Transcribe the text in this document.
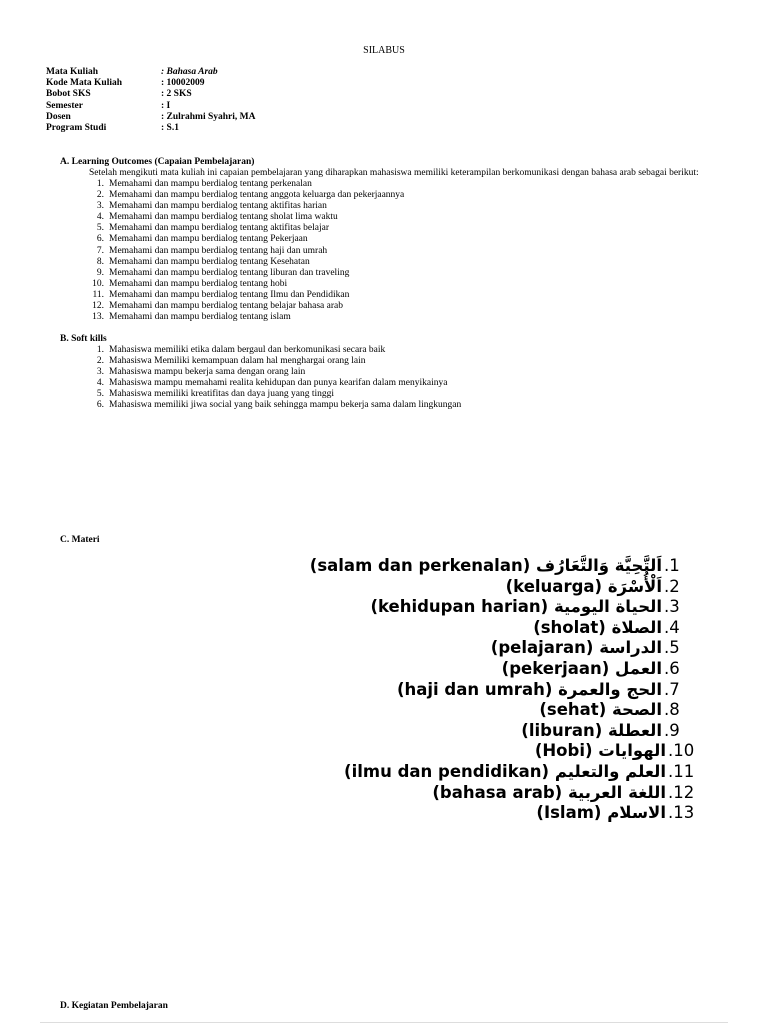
SILABUS
Mata Kuliah	: Bahasa Arab
Kode Mata Kuliah	: 10002009
Bobot SKS	: 2 SKS
Semester	: I
Dosen	: Zulrahmi Syahri, MA
Program Studi	: S.1
A. Learning Outcomes (Capaian Pembelajaran)
Setelah mengikuti mata kuliah ini capaian pembelajaran yang diharapkan mahasiswa memiliki keterampilan berkomunikasi dengan bahasa arab sebagai berikut:
1. Memahami dan mampu berdialog tentang perkenalan
2. Memahami dan mampu berdialog tentang anggota keluarga dan pekerjaannya
3. Memahami dan mampu berdialog tentang aktifitas harian
4. Memahami dan mampu berdialog tentang sholat lima waktu
5. Memahami dan mampu berdialog tentang aktifitas belajar
6. Memahami dan mampu berdialog tentang Pekerjaan
7. Memahami dan mampu berdialog tentang haji dan umrah
8. Memahami dan mampu berdialog tentang Kesehatan
9. Memahami dan mampu berdialog tentang liburan dan traveling
10. Memahami dan mampu berdialog tentang hobi
11. Memahami dan mampu berdialog tentang Ilmu dan Pendidikan
12. Memahami dan mampu berdialog tentang belajar bahasa arab
13. Memahami dan mampu berdialog tentang islam
B. Soft kills
1. Mahasiswa memiliki etika dalam bergaul dan berkomunikasi secara baik
2. Mahasiswa Memiliki kemampuan dalam hal menghargai orang lain
3. Mahasiswa mampu bekerja sama dengan orang lain
4. Mahasiswa mampu memahami realita kehidupan dan punya kearifan dalam menyikainya
5. Mahasiswa memiliki kreatifitas dan daya juang yang tinggi
6. Mahasiswa memiliki jiwa social yang baik sehingga mampu bekerja sama dalam lingkungan
C. Materi
(salam dan perkenalan) اَلتَّحِيَّة وَالتَّعَارُف .1
(keluarga) اَلْأُسْرَة .2
(kehidupan harian) الحياة اليومية .3
(sholat) الصلاة .4
(pelajaran) الدراسة .5
(pekerjaan) العمل .6
(haji dan umrah) الحج والعمرة .7
(sehat) الصحة .8
(liburan) العطلة .9
(Hobi) الهوايات .10
(ilmu dan pendidikan) العلم والتعليم .11
(bahasa arab) اللغة العربية .12
(Islam) الاسلام .13
D. Kegiatan Pembelajaran
